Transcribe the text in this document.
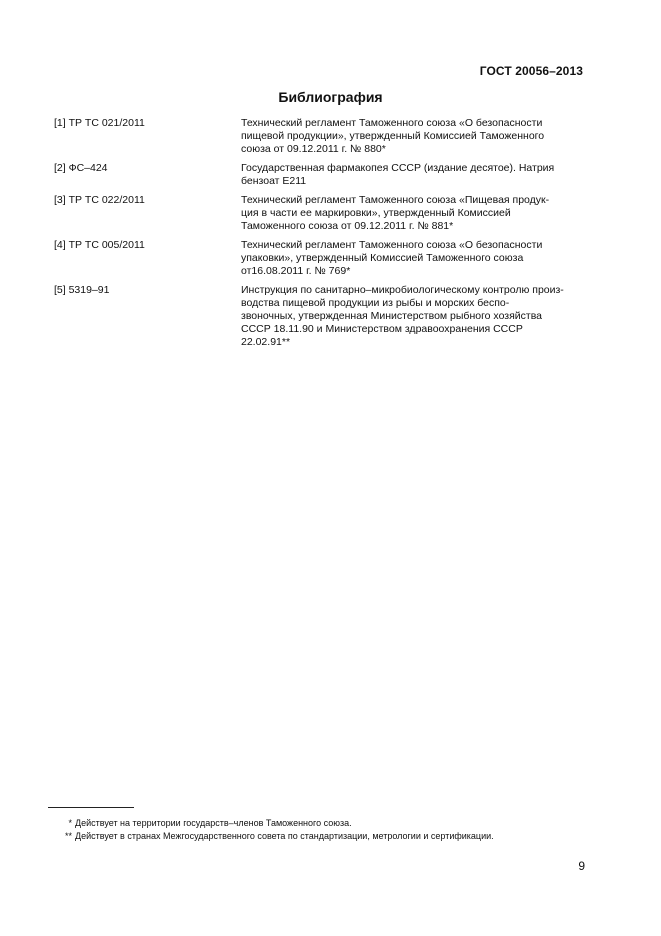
ГОСТ 20056–2013
Библиография
[1] ТР ТС 021/2011	Технический регламент Таможенного союза «О безопасности
пищевой продукции», утвержденный Комиссией Таможенного
союза от 09.12.2011 г. № 880*
[2] ФС–424	Государственная фармакопея СССР (издание десятое). Натрия
бензоат Е211
[3] ТР ТС 022/2011	Технический регламент Таможенного союза «Пищевая продук-
ция в части ее маркировки», утвержденный Комиссией
Таможенного союза от 09.12.2011 г. № 881*
[4] ТР ТС 005/2011	Технический регламент Таможенного союза «О безопасности
упаковки», утвержденный Комиссией Таможенного союза
от16.08.2011 г. № 769*
[5] 5319–91	Инструкция по санитарно–микробиологическому контролю произ-
водства пищевой продукции из рыбы и морских беспо-
звоночных, утвержденная Министерством рыбного хозяйства
СССР 18.11.90 и Министерством здравоохранения СССР
22.02.91**
* Действует на территории государств–членов Таможенного союза.
** Действует в странах Межгосударственного совета по стандартизации, метрологии и сертификации.
9
